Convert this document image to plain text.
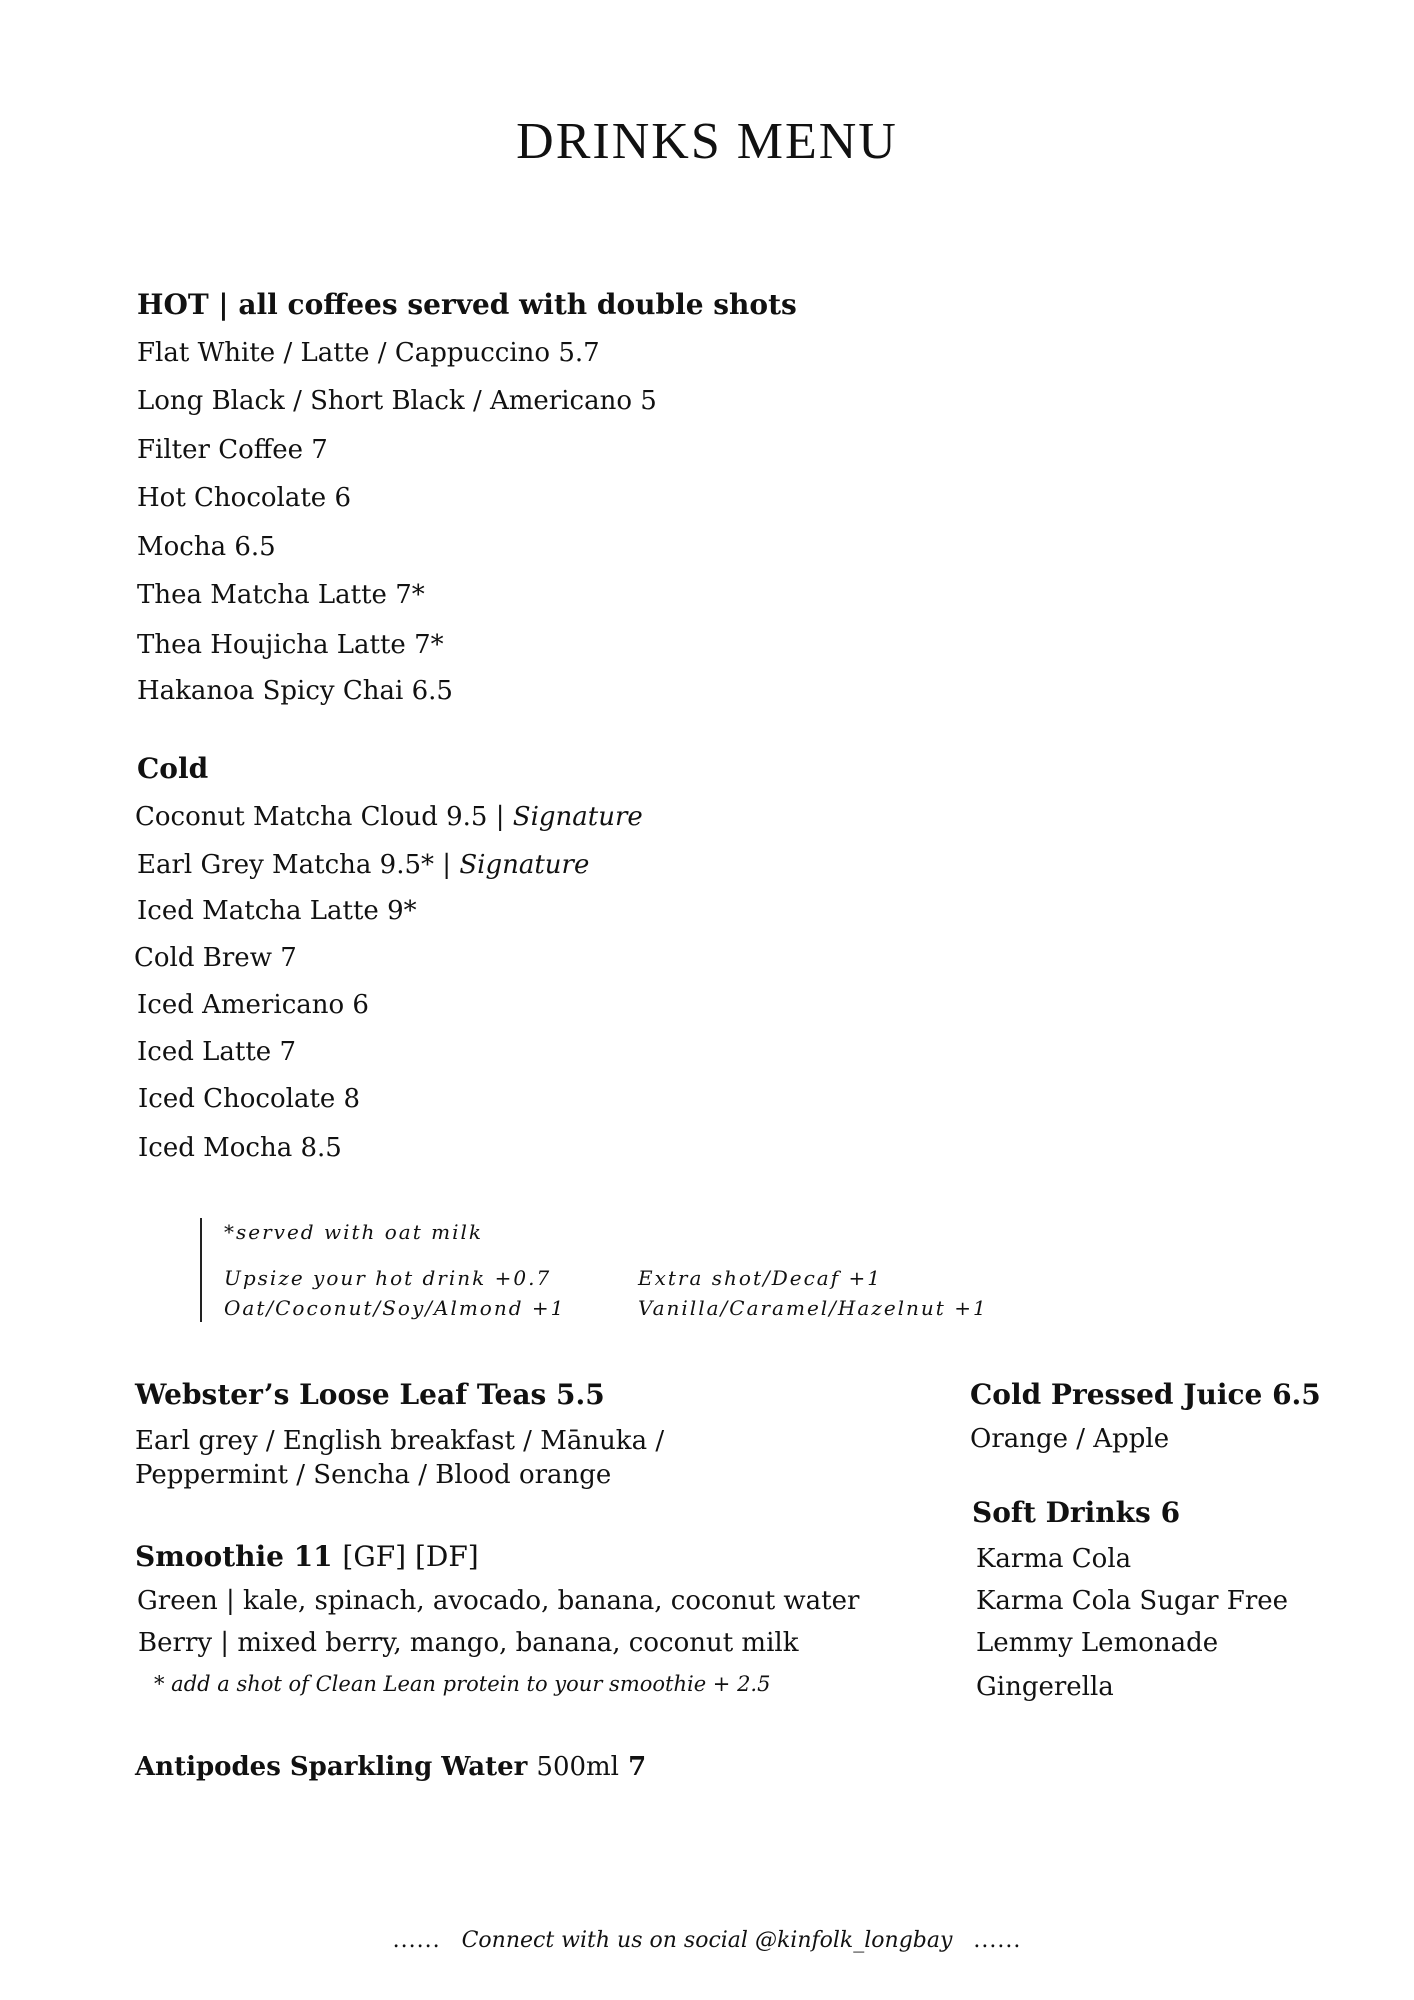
DRINKS MENU

HOT | all coffees served with double shots

Flat White / Latte / Cappuccino 5.7

Long Black / Short Black / Americano 5

Filter Coffee 7

Hot Chocolate 6

Mocha 6.5

Thea Matcha Latte 7*

Thea Houjicha Latte 7*

Hakanoa Spicy Chai 6.5

Cold

Coconut Matcha Cloud 9.5 | Signature

Earl Grey Matcha 9.5* | Signature

Iced Matcha Latte 9*

Cold Brew 7

Iced Americano 6

Iced Latte 7

Iced Chocolate 8

Iced Mocha 8.5

*served with oat milk

Upsize your hot drink +0.7

Oat/Coconut/Soy/Almond +1

Extra shot/Decaf +1

Vanilla/Caramel/Hazelnut +1

Webster’s Loose Leaf Teas 5.5

Earl grey / English breakfast / Mānuka /

Peppermint / Sencha / Blood orange

Smoothie 11 [GF] [DF]

Green | kale, spinach, avocado, banana, coconut water

Berry | mixed berry, mango, banana, coconut milk

* add a shot of Clean Lean protein to your smoothie + 2.5

Antipodes Sparkling Water 500ml 7

Cold Pressed Juice 6.5

Orange / Apple

Soft Drinks 6

Karma Cola

Karma Cola Sugar Free

Lemmy Lemonade

Gingerella

...... Connect with us on social @kinfolk_longbay ......
